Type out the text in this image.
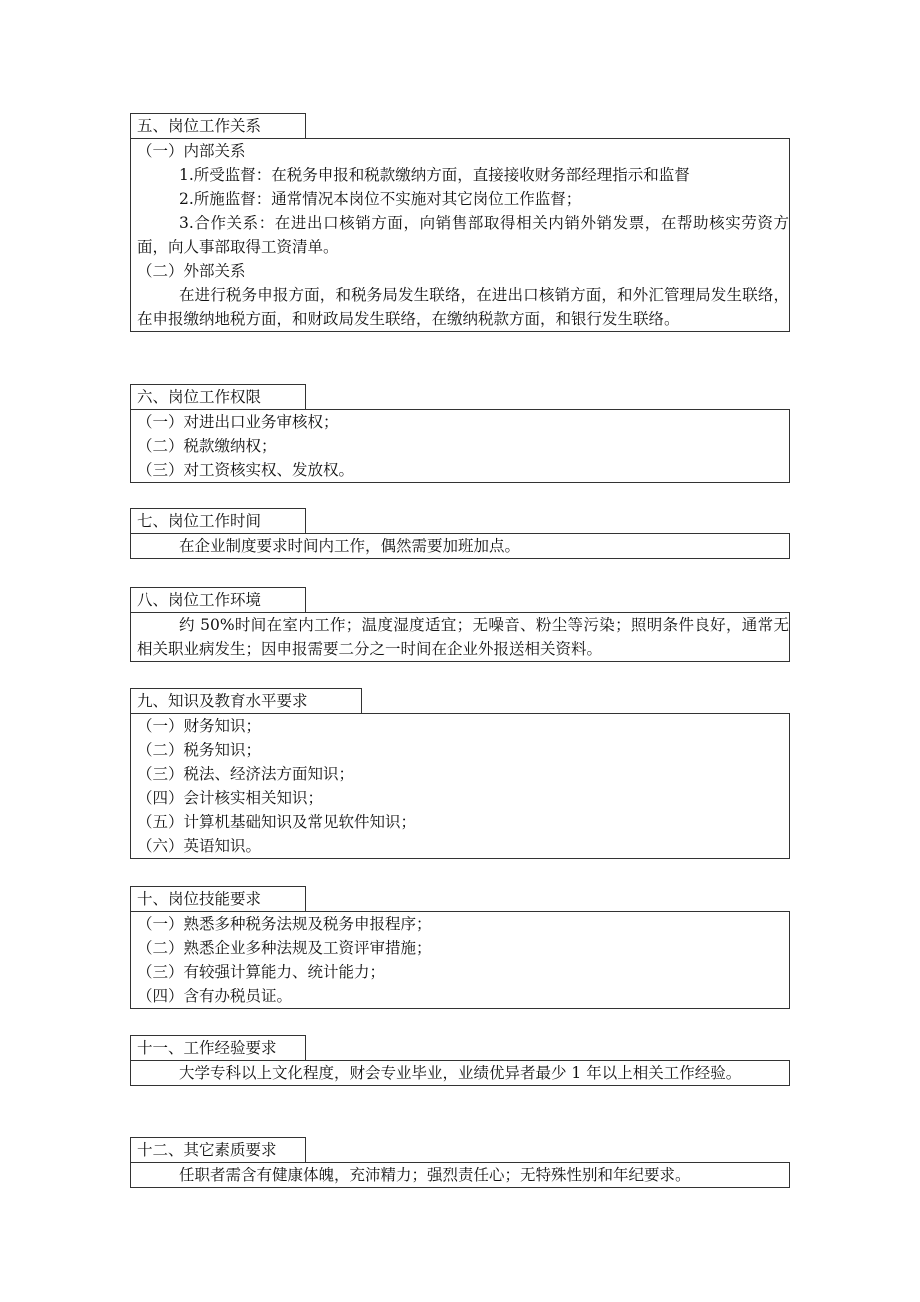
五、岗位工作关系
（一）内部关系
1.所受监督：在税务申报和税款缴纳方面，直接接收财务部经理指示和监督
2.所施监督：通常情况本岗位不实施对其它岗位工作监督；
3.合作关系：在进出口核销方面，向销售部取得相关内销外销发票，在帮助核实劳资方面，向人事部取得工资清单。
（二）外部关系
在进行税务申报方面，和税务局发生联络，在进出口核销方面，和外汇管理局发生联络，在申报缴纳地税方面，和财政局发生联络，在缴纳税款方面，和银行发生联络。
六、岗位工作权限
（一）对进出口业务审核权；
（二）税款缴纳权；
（三）对工资核实权、发放权。
七、岗位工作时间
在企业制度要求时间内工作，偶然需要加班加点。
八、岗位工作环境
约 50%时间在室内工作；温度湿度适宜；无噪音、粉尘等污染；照明条件良好，通常无相关职业病发生；因申报需要二分之一时间在企业外报送相关资料。
九、知识及教育水平要求
（一）财务知识；
（二）税务知识；
（三）税法、经济法方面知识；
（四）会计核实相关知识；
（五）计算机基础知识及常见软件知识；
（六）英语知识。
十、岗位技能要求
（一）熟悉多种税务法规及税务申报程序；
（二）熟悉企业多种法规及工资评审措施；
（三）有较强计算能力、统计能力；
（四）含有办税员证。
十一、工作经验要求
大学专科以上文化程度，财会专业毕业，业绩优异者最少 1 年以上相关工作经验。
十二、其它素质要求
任职者需含有健康体魄，充沛精力；强烈责任心；无特殊性别和年纪要求。
